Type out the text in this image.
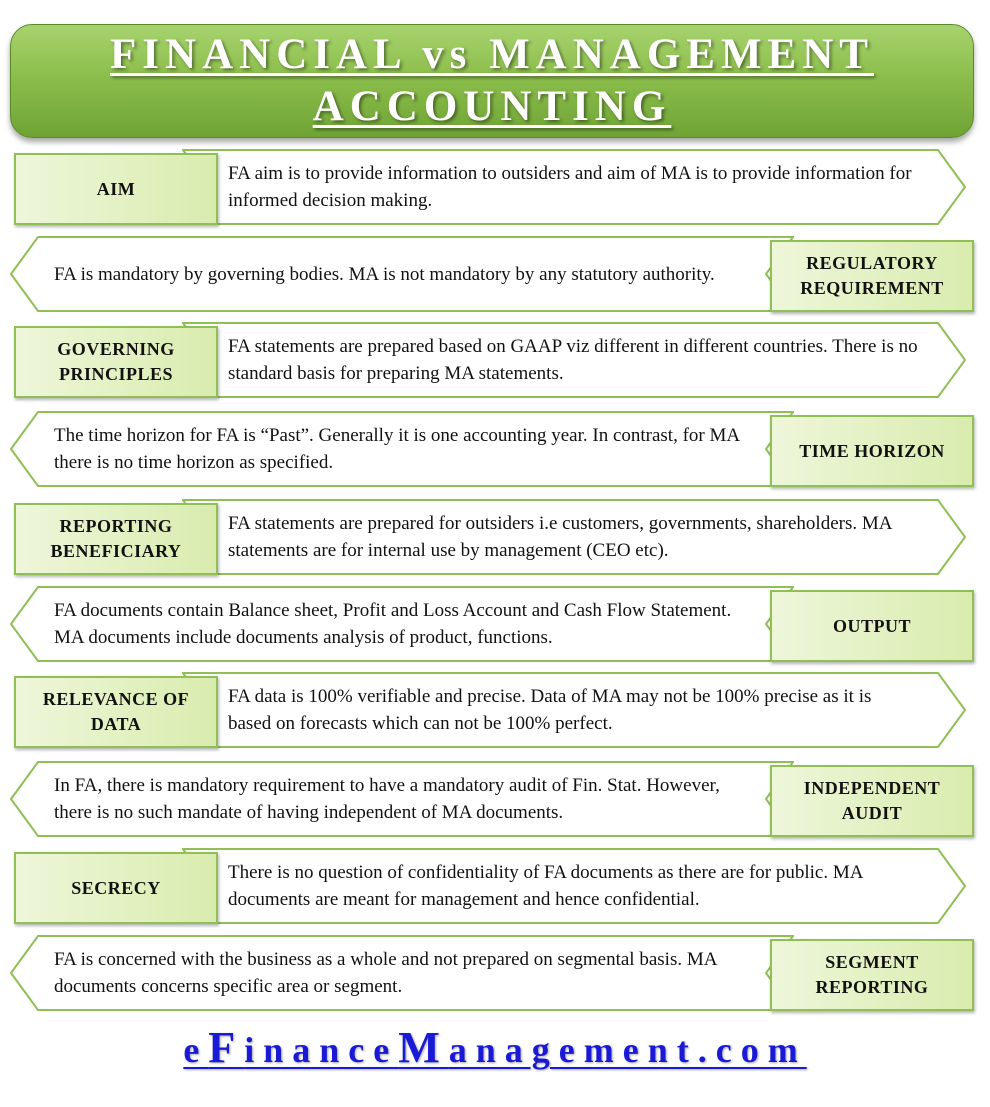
FINANCIAL vs MANAGEMENT
ACCOUNTING
FA aim is to provide information to outsiders and aim of MA is to provide information for informed decision making.
AIM
FA is mandatory by governing bodies. MA is not mandatory by any statutory authority.
REGULATORY REQUIREMENT
FA statements are prepared based on GAAP viz different in different countries. There is no standard basis for preparing MA statements.
GOVERNING PRINCIPLES
The time horizon for FA is “Past”. Generally it is one accounting year. In contrast, for MA there is no time horizon as specified.
TIME HORIZON
FA statements are prepared for outsiders i.e customers, governments, shareholders. MA statements are for internal use by management (CEO etc).
REPORTING BENEFICIARY
FA documents contain Balance sheet, Profit and Loss Account and Cash Flow Statement. MA documents include documents analysis of product, functions.
OUTPUT
FA data is 100% verifiable and precise. Data of MA may not be 100% precise as it is based on forecasts which can not be 100% perfect.
RELEVANCE OF DATA
In FA, there is mandatory requirement to have a mandatory audit of Fin. Stat. However, there is no such mandate of having independent of MA documents.
INDEPENDENT AUDIT
There is no question of confidentiality of FA documents as there are for public. MA documents are meant for management and hence confidential.
SECRECY
FA is concerned with the business as a whole and not prepared on segmental basis. MA documents concerns specific area or segment.
SEGMENT REPORTING
eFinanceManagement.com
